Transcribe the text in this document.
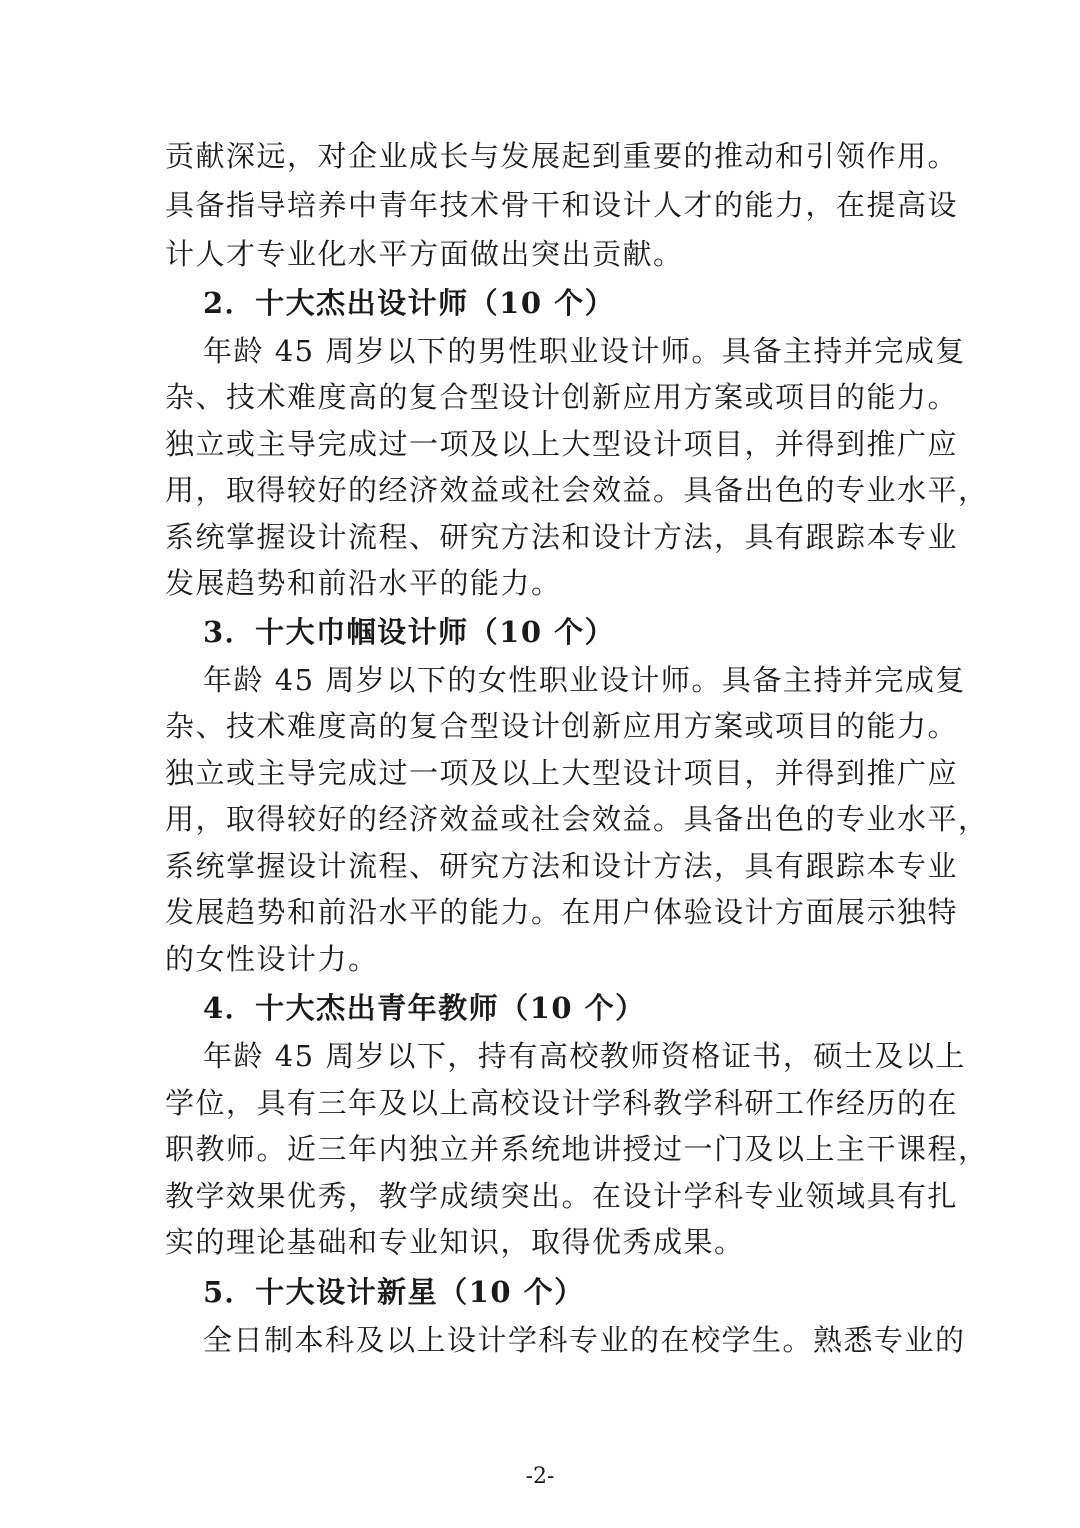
贡献深远，对企业成长与发展起到重要的推动和引领作用。
具备指导培养中青年技术骨干和设计人才的能力，在提高设
计人才专业化水平方面做出突出贡献。
2．十大杰出设计师（10 个）
年龄 45 周岁以下的男性职业设计师。具备主持并完成复
杂、技术难度高的复合型设计创新应用方案或项目的能力。
独立或主导完成过一项及以上大型设计项目，并得到推广应
用，取得较好的经济效益或社会效益。具备出色的专业水平，
系统掌握设计流程、研究方法和设计方法，具有跟踪本专业
发展趋势和前沿水平的能力。
3．十大巾帼设计师（10 个）
年龄 45 周岁以下的女性职业设计师。具备主持并完成复
杂、技术难度高的复合型设计创新应用方案或项目的能力。
独立或主导完成过一项及以上大型设计项目，并得到推广应
用，取得较好的经济效益或社会效益。具备出色的专业水平，
系统掌握设计流程、研究方法和设计方法，具有跟踪本专业
发展趋势和前沿水平的能力。在用户体验设计方面展示独特
的女性设计力。
4．十大杰出青年教师（10 个）
年龄 45 周岁以下，持有高校教师资格证书，硕士及以上
学位，具有三年及以上高校设计学科教学科研工作经历的在
职教师。近三年内独立并系统地讲授过一门及以上主干课程，
教学效果优秀，教学成绩突出。在设计学科专业领域具有扎
实的理论基础和专业知识，取得优秀成果。
5．十大设计新星（10 个）
全日制本科及以上设计学科专业的在校学生。熟悉专业的
-2-
